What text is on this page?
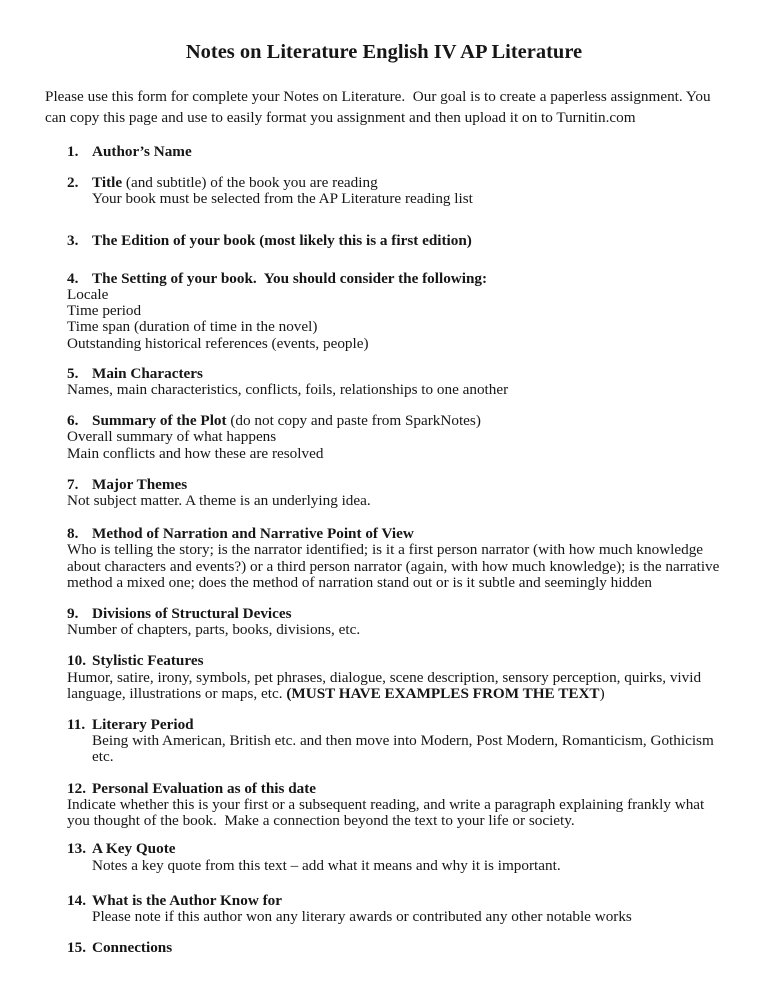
Notes on Literature English IV AP Literature

Please use this form for complete your Notes on Literature.  Our goal is to create a paperless assignment. You can copy this page and use to easily format you assignment and then upload it on to Turnitin.com

1. Author’s Name
2. Title (and subtitle) of the book you are reading
Your book must be selected from the AP Literature reading list
3. The Edition of your book (most likely this is a first edition)
4. The Setting of your book.  You should consider the following:
Locale
Time period
Time span (duration of time in the novel)
Outstanding historical references (events, people)
5. Main Characters
Names, main characteristics, conflicts, foils, relationships to one another
6. Summary of the Plot (do not copy and paste from SparkNotes)
Overall summary of what happens
Main conflicts and how these are resolved
7. Major Themes
Not subject matter. A theme is an underlying idea.
8. Method of Narration and Narrative Point of View
Who is telling the story; is the narrator identified; is it a first person narrator (with how much knowledge about characters and events?) or a third person narrator (again, with how much knowledge); is the narrative method a mixed one; does the method of narration stand out or is it subtle and seemingly hidden
9. Divisions of Structural Devices
Number of chapters, parts, books, divisions, etc.
10. Stylistic Features
Humor, satire, irony, symbols, pet phrases, dialogue, scene description, sensory perception, quirks, vivid language, illustrations or maps, etc. (MUST HAVE EXAMPLES FROM THE TEXT)
11. Literary Period
Being with American, British etc. and then move into Modern, Post Modern, Romanticism, Gothicism etc.
12. Personal Evaluation as of this date
Indicate whether this is your first or a subsequent reading, and write a paragraph explaining frankly what you thought of the book.  Make a connection beyond the text to your life or society.
13. A Key Quote
Notes a key quote from this text – add what it means and why it is important.
14. What is the Author Know for
Please note if this author won any literary awards or contributed any other notable works
15. Connections
